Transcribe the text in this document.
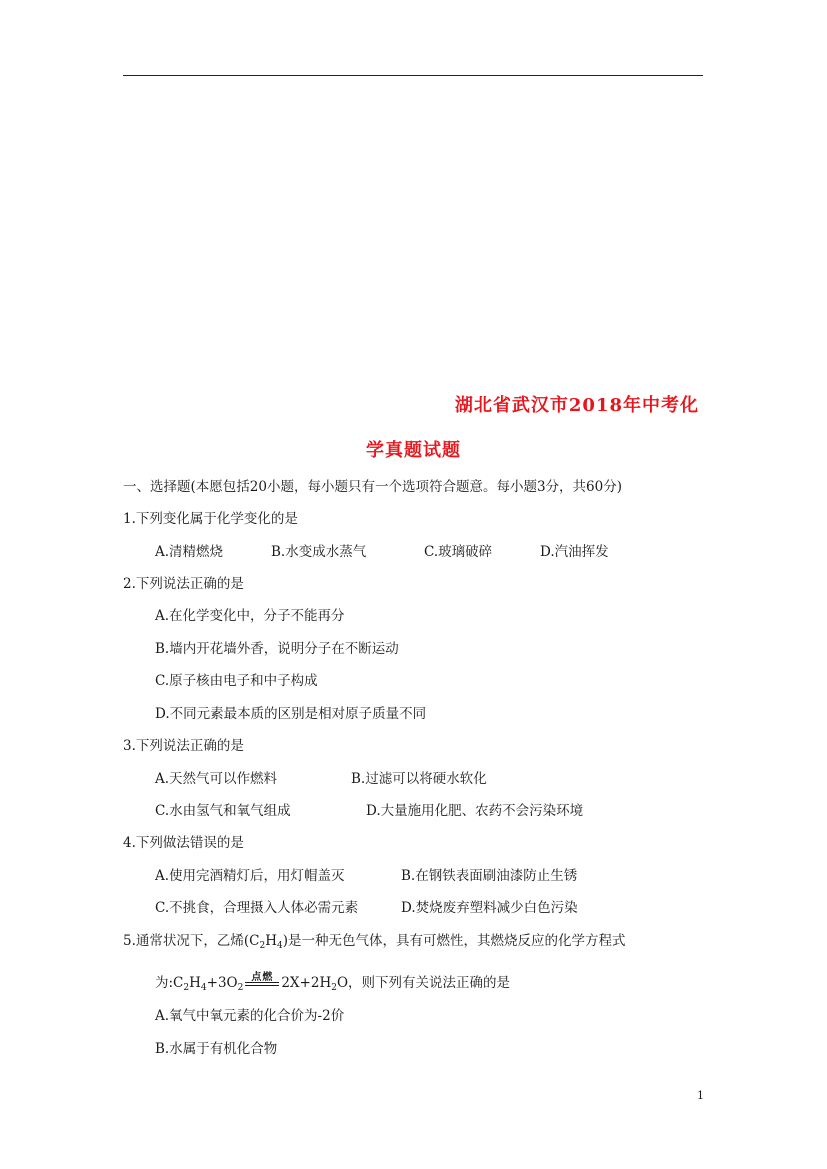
湖北省武汉市2018年中考化
学真题试题
一、选择题(本愿包括20小题，每小题只有一个选项符合题意。每小题3分，共60分)
1.下列变化属于化学变化的是
A.清精燃烧	B.水变成水蒸气	C.玻璃破碎	D.汽油挥发
2.下列说法正确的是
A.在化学变化中，分子不能再分
B.墙内开花墙外香，说明分子在不断运动
C.原子核由电子和中子构成
D.不同元素最本质的区别是相对原子质量不同
3.下列说法正确的是
A.天然气可以作燃料	B.过滤可以将硬水软化
C.水由氢气和氧气组成	D.大量施用化肥、农药不会污染环境
4.下列做法错误的是
A.使用完酒精灯后，用灯帽盖灭	B.在钢铁表面刷油漆防止生锈
C.不挑食，合理摄入人体必需元素	D.焚烧废弃塑料减少白色污染
5.通常状况下，乙烯$(C_2H_4)$是一种无色气体，具有可燃性，其燃烧反应的化学方程式
为$:C_2H_4+3O_2$
点燃 $2X+2H_2O$，则下列有关说法正确的是
A.氧气中氧元素的化合价为-2价
B.水属于有机化合物
1
